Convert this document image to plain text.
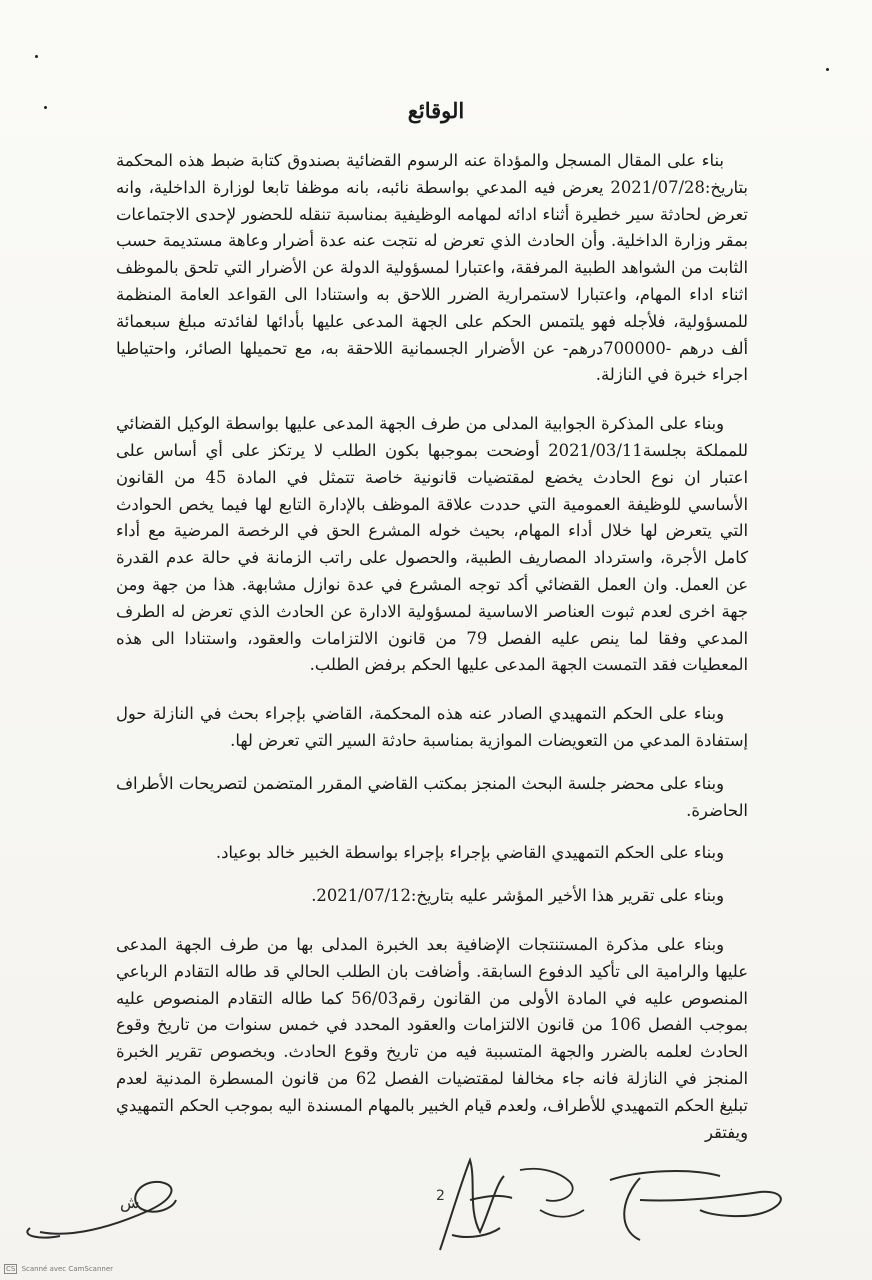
الوقائع

بناء على المقال المسجل والمؤداة عنه الرسوم القضائية بصندوق كتابة ضبط هذه المحكمة بتاريخ:2021/07/28 يعرض فيه المدعي بواسطة نائبه، بانه موظفا تابعا لوزارة الداخلية، وانه تعرض لحادثة سير خطيرة أثناء ادائه لمهامه الوظيفية بمناسبة تنقله للحضور لإحدى الاجتماعات بمقر وزارة الداخلية. وأن الحادث الذي تعرض له نتجت عنه عدة أضرار وعاهة مستديمة حسب الثابت من الشواهد الطبية المرفقة، واعتبارا لمسؤولية الدولة عن الأضرار التي تلحق بالموظف اثناء اداء المهام، واعتبارا لاستمرارية الضرر اللاحق به واستنادا الى القواعد العامة المنظمة للمسؤولية، فلأجله فهو يلتمس الحكم على الجهة المدعى عليها بأدائها لفائدته مبلغ سبعمائة ألف درهم -700000درهم- عن الأضرار الجسمانية اللاحقة به، مع تحميلها الصائر، واحتياطيا اجراء خبرة في النازلة.

وبناء على المذكرة الجوابية المدلى من طرف الجهة المدعى عليها بواسطة الوكيل القضائي للمملكة بجلسة2021/03/11 أوضحت بموجبها بكون الطلب لا يرتكز على أي أساس على اعتبار ان نوع الحادث يخضع لمقتضيات قانونية خاصة تتمثل في المادة 45 من القانون الأساسي للوظيفة العمومية التي حددت علاقة الموظف بالإدارة التابع لها فيما يخص الحوادث التي يتعرض لها خلال أداء المهام، بحيث خوله المشرع الحق في الرخصة المرضية مع أداء كامل الأجرة، واسترداد المصاريف الطبية، والحصول على راتب الزمانة في حالة عدم القدرة عن العمل. وان العمل القضائي أكد توجه المشرع في عدة نوازل مشابهة. هذا من جهة ومن جهة اخرى لعدم ثبوت العناصر الاساسية لمسؤولية الادارة عن الحادث الذي تعرض له الطرف المدعي وفقا لما ينص عليه الفصل 79 من قانون الالتزامات والعقود، واستنادا الى هذه المعطيات فقد التمست الجهة المدعى عليها الحكم برفض الطلب.

وبناء على الحكم التمهيدي الصادر عنه هذه المحكمة، القاضي بإجراء بحث في النازلة حول إستفادة المدعي من التعويضات الموازية بمناسبة حادثة السير التي تعرض لها.

وبناء على محضر جلسة البحث المنجز بمكتب القاضي المقرر المتضمن لتصريحات الأطراف الحاضرة.

وبناء على الحكم التمهيدي القاضي بإجراء بإجراء بواسطة الخبير خالد بوعياد.

وبناء على تقرير هذا الأخير المؤشر عليه بتاريخ:2021/07/12.

وبناء على مذكرة المستنتجات الإضافية بعد الخبرة المدلى بها من طرف الجهة المدعى عليها والرامية الى تأكيد الدفوع السابقة. وأضافت بان الطلب الحالي قد طاله التقادم الرباعي المنصوص عليه في المادة الأولى من القانون رقم56/03 كما طاله التقادم المنصوص عليه بموجب الفصل 106 من قانون الالتزامات والعقود المحدد في خمس سنوات من تاريخ وقوع الحادث لعلمه بالضرر والجهة المتسببة فيه من تاريخ وقوع الحادث. وبخصوص تقرير الخبرة المنجز في النازلة فانه جاء مخالفا لمقتضيات الفصل 62 من قانون المسطرة المدنية لعدم تبليغ الحكم التمهيدي للأطراف، ولعدم قيام الخبير بالمهام المسندة اليه بموجب الحكم التمهيدي ويفتقر

ش	2
CS Scanné avec CamScanner
